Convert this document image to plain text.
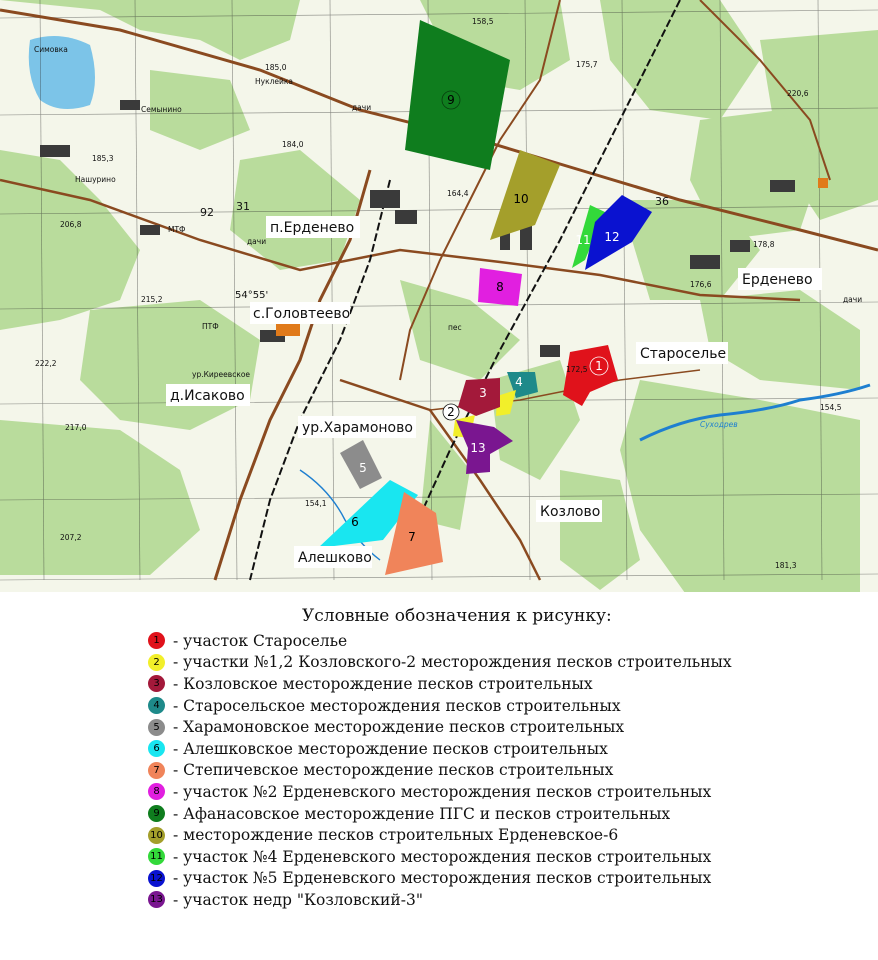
9
10
11 12
8
1
4
3
2
13
5
6
7
Симовка
Семынино
Нашурино
Нуклейка
МТФ
ПТФ
ур.Киреевское
Суходрев
дачи
дачи
дачи
54°55'
92 31	36
185,0
185,3
184,0
206,8
215,2
222,2
217,0
207,2
164,4
175,7
220,6
178,8
176,6
172,5
154,5
181,3
154,1
158,5
пес
п.Ерденево
с.Головтеево
д.Исаково
ур.Харамоново
Алешково
Козлово
Староселье
Ерденево
Условные обозначения к рисунку:
1 - участок Староселье
2 - участки №1,2 Козловского-2 месторождения песков строительных
3 - Козловское месторождение песков строительных
4 - Старосельское месторождения песков строительных
5 - Харамоновское месторождение песков строительных
6 - Алешковское месторождение песков строительных
7 - Степичевское месторождение песков строительных
8 - участок №2 Ерденевского месторождения песков строительных
9 - Афанасовское месторождение ПГС и песков строительных
10 - месторождение песков строительных Ерденевское-6
11 - участок №4 Ерденевского месторождения песков строительных
12 - участок №5 Ерденевского месторождения песков строительных
13 - участок недр "Козловский-3"
